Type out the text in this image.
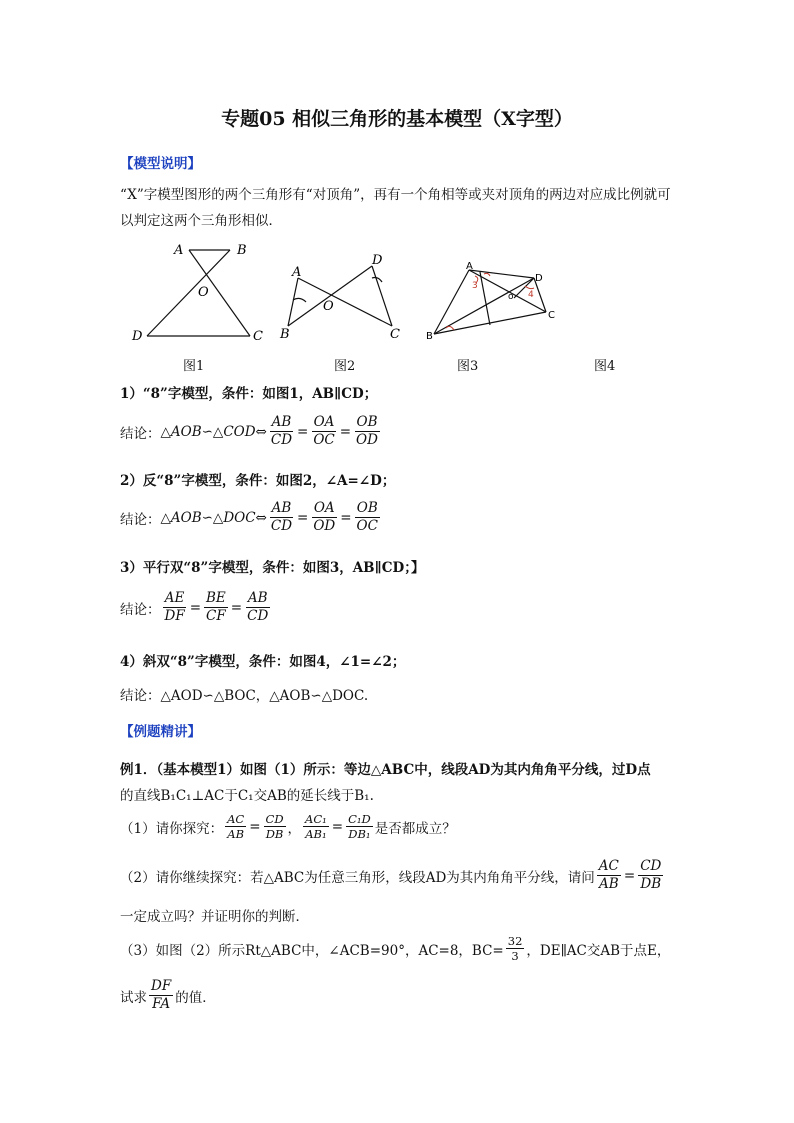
专题05 相似三角形的基本模型（X字型）
【模型说明】
“X”字模型图形的两个三角形有“对顶角”，再有一个角相等或夹对顶角的两边对应成比例就可以判定这两个三角形相似．
A	B
O
D	C
A
D
O
B	C
A
D
B
C
o
3
4
图1	图2	图3	图4
1）“8”字模型，条件：如图1，AB∥CD；
结论： △AOB∽△COD⇔ $\frac{AB}{CD} = \frac{OA}{OC} = \frac{OB}{OD}$
2）反“8”字模型，条件：如图2，∠A=∠D；
结论： △AOB∽△DOC⇔ $\frac{AB}{CD} = \frac{OA}{OD} = \frac{OB}{OC}$
3）平行双“8”字模型，条件：如图3，AB∥CD；】
结论： $\frac{AE}{DF} = \frac{BE}{CF} = \frac{AB}{CD}$
4）斜双“8”字模型，条件：如图4，∠1=∠2；
结论：△AOD∽△BOC，△AOB∽△DOC.
【例题精讲】
例1．（基本模型1）如图（1）所示：等边△ABC中，线段AD为其内角角平分线，过D点
的直线B₁C₁⊥AC于C₁交AB的延长线于B₁.
（1）请你探究： $\frac{AC}{AB} = \frac{CD}{DB}$ ， $\frac{\text{AC₁}}{\text{AB₁}} = \frac{\text{C₁D}}{\text{DB₁}}$ 是否都成立？
（2）请你继续探究：若△ABC为任意三角形，线段AD为其内角角平分线，请问 $\frac{AC}{AB} = \frac{CD}{DB}$
一定成立吗？并证明你的判断．
（3）如图（2）所示Rt△ABC中，∠ACB=90°，AC=8，$BC= \frac{32}{3}$ ，DE∥AC交AB于点E，
试求 $\frac{DF}{FA}$ 的值．
